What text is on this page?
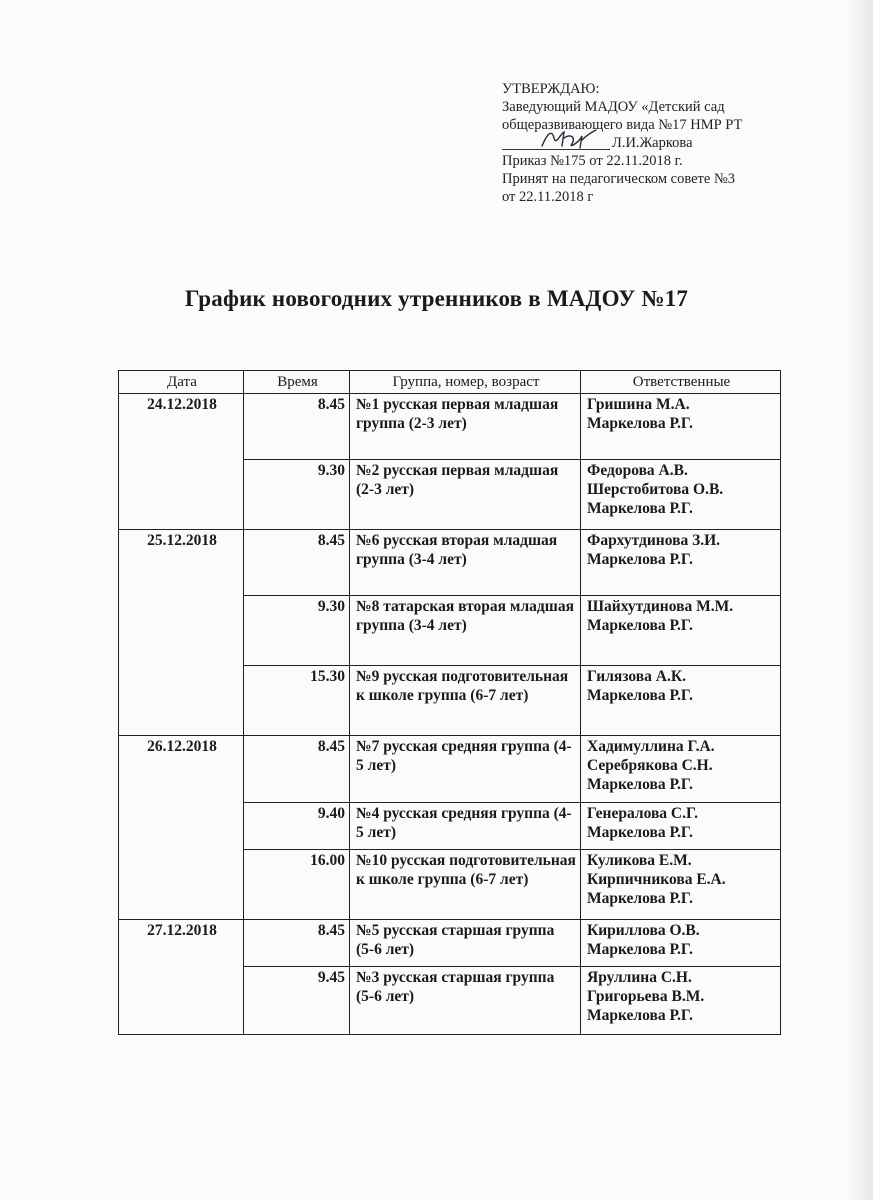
УТВЕРЖДАЮ:
Заведующий МАДОУ «Детский сад
общеразвивающего вида №17 НМР РТ
Л.И.Жаркова
Приказ №175 от 22.11.2018 г.
Принят на педагогическом совете №3
от 22.11.2018 г
График новогодних утренников в МАДОУ №17
Дата	Время	Группа, номер, возраст	Ответственные
24.12.2018	8.45	№1 русская первая младшая группа (2-3 лет)	Гришина М.А.
Маркелова Р.Г.

	9.30	№2 русская первая младшая (2-3 лет)	Федорова А.В.
Шерстобитова О.В.
Маркелова Р.Г.

25.12.2018	8.45	№6 русская вторая младшая группа (3-4 лет)	Фархутдинова З.И.
Маркелова Р.Г.

	9.30	№8 татарская вторая младшая группа (3-4 лет)	Шайхутдинова М.М.
Маркелова Р.Г.

	15.30	№9 русская подготовительная к школе группа (6-7 лет)	Гилязова А.К.
Маркелова Р.Г.

26.12.2018	8.45	№7 русская средняя группа (4-5 лет)	Хадимуллина Г.А.
Серебрякова С.Н.
Маркелова Р.Г.

	9.40	№4 русская средняя группа (4-5 лет)	Генералова С.Г.
Маркелова Р.Г.

	16.00	№10 русская подготовительная к школе группа (6-7 лет)	Куликова Е.М.
Кирпичникова Е.А.
Маркелова Р.Г.

27.12.2018	8.45	№5 русская старшая группа (5-6 лет)	Кириллова О.В.
Маркелова Р.Г.

	9.45	№3 русская старшая группа (5-6 лет)	Яруллина С.Н.
Григорьева В.М.
Маркелова Р.Г.
